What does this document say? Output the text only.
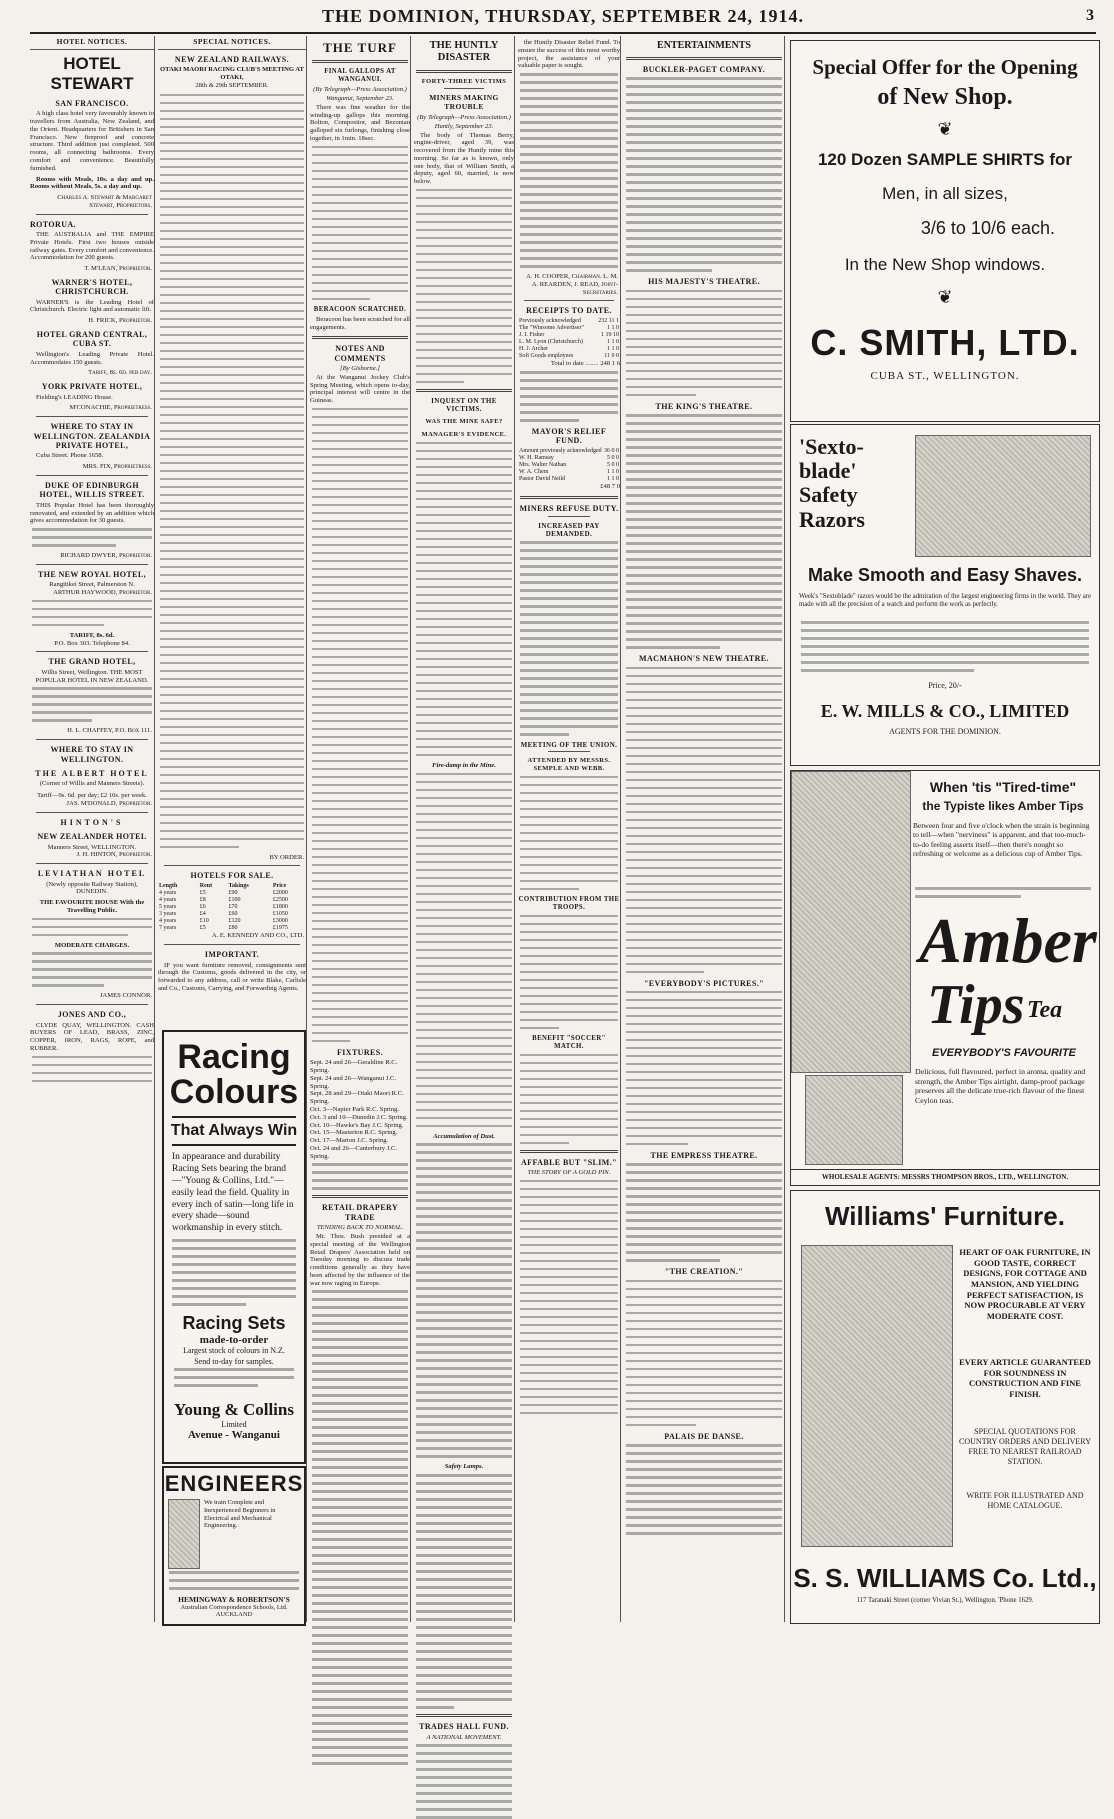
THE DOMINION, THURSDAY, SEPTEMBER 24, 1914.	3
HOTEL NOTICES.
HOTEL STEWART
SAN FRANCISCO.

A high class hotel very favourably known to travellers from Australia, New Zealand, and the Orient. Headquarters for Britishers in San Francisco. New fireproof and concrete structure. Third addition just completed. 500 rooms, all connecting bathrooms. Every comfort and convenience. Beautifully furnished.

Rooms with Meals, 10s. a day and up. Rooms without Meals, 5s. a day and up.

Charles A. Stewart & Margaret Stewart, Proprietors.
ROTORUA.

THE AUSTRALIA and THE EMPIRE Private Hotels. First two houses outside railway gates. Every comfort and convenience. Accommodation for 200 guests.

T. M'LEAN, Proprietor.
WARNER'S HOTEL, CHRISTCHURCH.

WARNER'S is the Leading Hotel of Christchurch. Electric light and automatic lift.

H. FRICK, Proprietor.
HOTEL GRAND CENTRAL, CUBA ST.

Wellington's Leading Private Hotel. Accommodates 150 guests.

Tariff, 8s. 6d. per day.
YORK PRIVATE HOTEL,

Fielding's LEADING House.

M'CONACHIE, Proprietress.
WHERE TO STAY IN WELLINGTON. ZEALANDIA PRIVATE HOTEL,

Cuba Street. Phone 1658.

MRS. FIX, Proprietress.
DUKE OF EDINBURGH HOTEL, WILLIS STREET.

THIS Popular Hotel has been thoroughly renovated, and extended by an addition which gives accommodation for 30 guests.

RICHARD DWYER, Proprietor.
THE NEW ROYAL HOTEL,
Rangitikei Street, Palmerston N.
ARTHUR HAYWOOD, Proprietor.
TARIFF, 8s. 6d.
P.O. Box 303. Telephone 84.
THE GRAND HOTEL,
Willis Street, Wellington. THE MOST POPULAR HOTEL IN NEW ZEALAND.
H. L. CHAFFEY, P.O. Box 111.
WHERE TO STAY IN WELLINGTON.
THE ALBERT HOTEL
(Corner of Willis and Manners Streets).
Tariff—9s. 6d. per day; £2 10s. per week.
JAS. M'DONALD, Proprietor.
HINTON'S
NEW ZEALANDER HOTEL
Manners Street, WELLINGTON.
J. H. HINTON, Proprietor.
LEVIATHAN HOTEL
(Newly opposite Railway Station), DUNEDIN.
THE FAVOURITE HOUSE With the Travelling Public.
MODERATE CHARGES.
JAMES CONNOR.
JONES AND CO.,

CLYDE QUAY, WELLINGTON. CASH BUYERS OF LEAD, BRASS, ZINC, COPPER, IRON, RAGS, ROPE, and RUBBER.

SPECIAL NOTICES.
NEW ZEALAND RAILWAYS.
OTAKI MAORI RACING CLUB'S MEETING AT OTAKI,
28th & 29th SEPTEMBER.
BY ORDER.
HOTELS FOR SALE.
Length	Rent	Takings	Price
4 years	£5	£90	£2000
4 years	£8	£100	£2500
5 years	£6	£70	£1800
3 years	£4	£60	£1050
4 years	£10	£120	£3000
7 years	£5	£80	£1975
A. E. KENNEDY AND CO., LTD.
IMPORTANT.

IF you want furniture removed, consignments sent through the Customs, goods delivered in the city, or forwarded to any address, call or write Blake, Carlisle and Co., Customs, Carrying, and Forwarding Agents.

Racing
Colours
That Always Win
In appearance and durability Racing Sets bearing the brand—"Young & Collins, Ltd."—easily lead the field. Quality in every inch of satin—long life in every shade—sound workmanship in every stitch.
Racing Sets
made-to-order
Largest stock of colours in N.Z.
Send to-day for samples.
Young & Collins
Limited
Avenue - Wanganui
ENGINEERS
We train Complete and Inexperienced Beginners in Electrical and Mechanical Engineering.
HEMINGWAY & ROBERTSON'S
Australian Correspondence Schools, Ltd. AUCKLAND
THE TURF
FINAL GALLOPS AT WANGANUI.
(By Telegraph—Press Association.)
Wanganui, September 23.

There was fine weather for the winding-up gallops this morning. Bolton, Compositor, and Bezonian galloped six furlongs, finishing close together, in 1min. 18sec.

BERACOON SCRATCHED.

Beracoon has been scratched for all engagements.

NOTES AND COMMENTS
[By Gisborne.]

At the Wanganui Jockey Club's Spring Meeting, which opens to-day, principal interest will centre in the Guineas.

FIXTURES.
Sept. 24 and 26—Geraldine R.C. Spring.
Sept. 24 and 26—Wanganui J.C. Spring.
Sept. 28 and 29—Otaki Maori R.C. Spring.
Oct. 3—Napier Park R.C. Spring.
Oct. 3 and 10—Dunedin J.C. Spring.
Oct. 10—Hawke's Bay J.C. Spring.
Oct. 15—Masterton R.C. Spring.
Oct. 17—Marton J.C. Spring.
Oct. 24 and 26—Canterbury J.C. Spring.
RETAIL DRAPERY TRADE
TENDING BACK TO NORMAL.

Mr. Thos. Bush presided at a special meeting of the Wellington Retail Drapers' Association held on Tuesday morning to discuss trade conditions generally as they have been affected by the influence of the war now raging in Europe.

THE HUNTLY DISASTER
FORTY-THREE VICTIMS
MINERS MAKING TROUBLE
(By Telegraph—Press Association.)
Huntly, September 23.

The body of Thomas Berry, engine-driver, aged 39, was recovered from the Huntly mine this morning. So far as is known, only one body, that of William Smith, a deputy, aged 60, married, is now below.

INQUEST ON THE VICTIMS.
WAS THE MINE SAFE?
MANAGER'S EVIDENCE.
Fire-damp in the Mine.
Accumulation of Dust.
Safety Lamps.
TRADES HALL FUND.
A NATIONAL MOVEMENT.

the Huntly Disaster Relief Fund. To ensure the success of this most worthy project, the assistance of your valuable paper is sought.

A. H. COOPER, Chairman. L. M. A. REARDEN, J. READ, Joint-Secretaries.
RECEIPTS TO DATE.
Previously acknowledged	232 11 1
The "Winsome Advertiser"	1 1 0
J. I. Fisher	1 19 10
L. M. Lyon (Christchurch)	1 1 0
H. J. Archer	1 1 0
Soft Goods employees	11 0 0
Total to date ........ 248 1 6
MAYOR'S RELIEF FUND.
Amount previously acknowledged	36 0 0
W. H. Ramsay	5 0 0
Mrs. Walter Nathan	5 0 0
W. A. Chem	1 1 0
Pastor David Neild	1 1 0
£48 7 0
MINERS REFUSE DUTY.
INCREASED PAY DEMANDED.
MEETING OF THE UNION.
ATTENDED BY MESSRS. SEMPLE AND WEBB.
CONTRIBUTION FROM THE TROOPS.
BENEFIT "SOCCER" MATCH.
AFFABLE BUT "SLIM."
THE STORY OF A GOLD PIN.
ENTERTAINMENTS
BUCKLER-PAGET COMPANY.
HIS MAJESTY'S THEATRE.
THE KING'S THEATRE.
MACMAHON'S NEW THEATRE.
"EVERYBODY'S PICTURES."
THE EMPRESS THEATRE.
"THE CREATION."
PALAIS DE DANSE.
Special Offer for the Opening
of New Shop.
❦
120 Dozen SAMPLE SHIRTS for
Men, in all sizes,
3/6 to 10/6 each.
In the New Shop windows.
❦
C. SMITH, LTD.
CUBA ST., WELLINGTON.
'Sexto-
blade'
Safety
Razors
Make Smooth and Easy Shaves.
Week's "Sextoblade" razors would be the admiration of the largest engineering firms in the world. They are made with all the precision of a watch and perform the work as perfectly.
Price, 20/-
E. W. MILLS & CO., LIMITED
AGENTS FOR THE DOMINION.
When 'tis "Tired-time"
the Typiste likes Amber Tips
Between four and five o'clock when the strain is beginning to tell—when "nerviness" is apparent, and that too-much-to-do feeling asserts itself—then there's nought so refreshing or welcome as a delicious cup of Amber Tips.
Amber
Tips Tea
EVERYBODY'S FAVOURITE
Delicious, full flavoured, perfect in aroma, quality and strength, the Amber Tips airtight, damp-proof package preserves all the delicate true-rich flavour of the finest Ceylon teas.
WHOLESALE AGENTS: MESSRS THOMPSON BROS., LTD., WELLINGTON.
Williams' Furniture.
HEART OF OAK FURNITURE, IN GOOD TASTE, CORRECT DESIGNS, FOR COTTAGE AND MANSION, AND YIELDING PERFECT SATISFACTION, IS NOW PROCURABLE AT VERY MODERATE COST.
EVERY ARTICLE GUARANTEED FOR SOUNDNESS IN CONSTRUCTION AND FINE FINISH.
SPECIAL QUOTATIONS FOR COUNTRY ORDERS AND DELIVERY FREE TO NEAREST RAILROAD STATION.
WRITE FOR ILLUSTRATED AND HOME CATALOGUE.
S. S. WILLIAMS Co. Ltd.,
117 Taranaki Street (corner Vivian St.), Wellington. 'Phone 1629.
